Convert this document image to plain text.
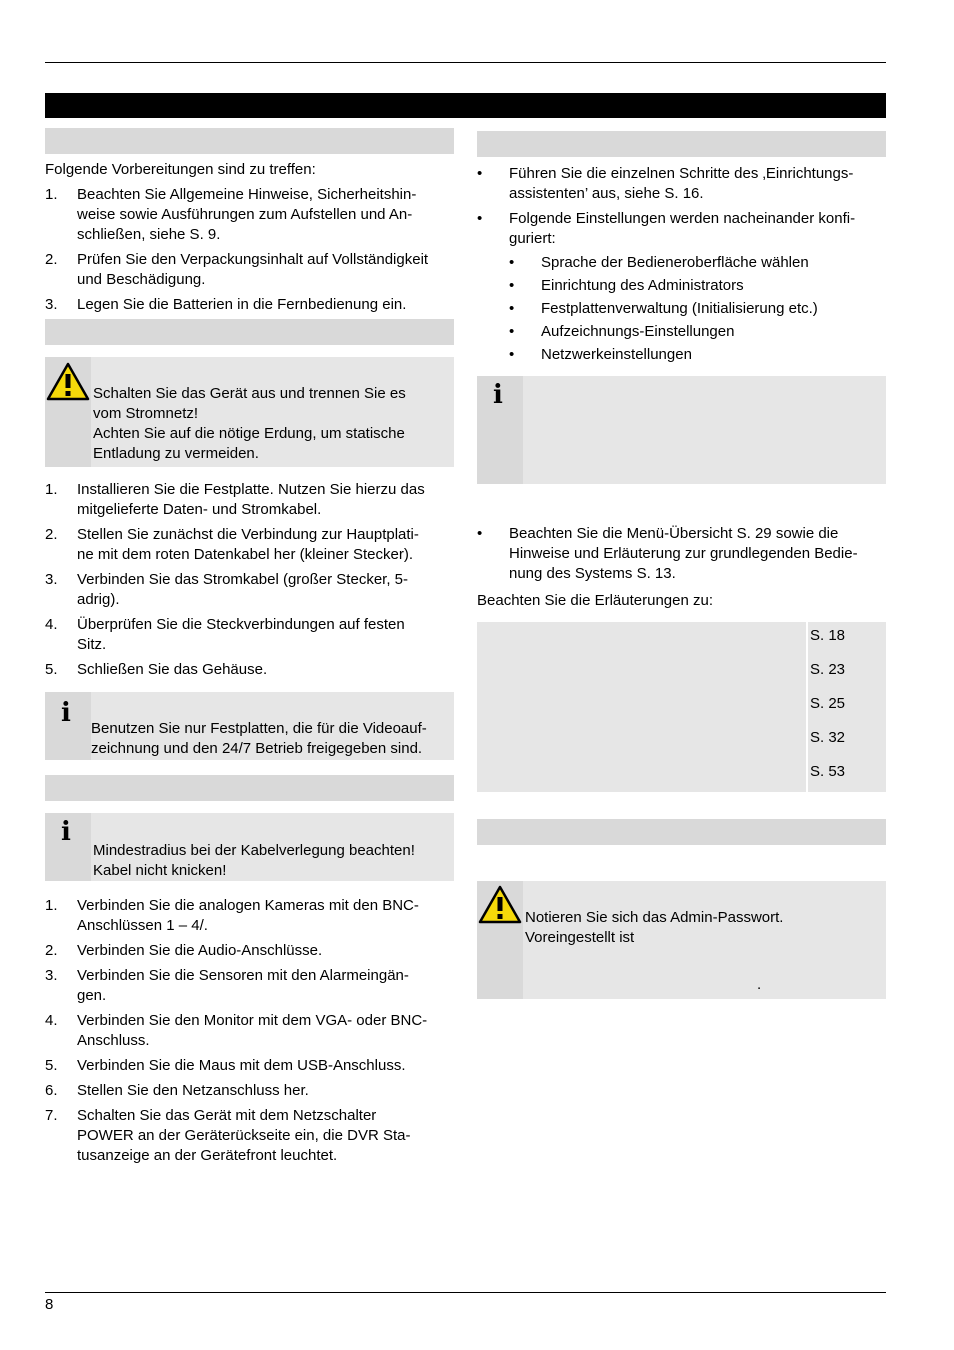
Folgende Vorbereitungen sind zu treffen:
1. Beachten Sie Allgemeine Hinweise, Sicherheitshin-
weise sowie Ausführungen zum Aufstellen und An-
schließen, siehe S. 9.
2. Prüfen Sie den Verpackungsinhalt auf Vollständigkeit
und Beschädigung.
3. Legen Sie die Batterien in die Fernbedienung ein.
Schalten Sie das Gerät aus und trennen Sie es
vom Stromnetz!
Achten Sie auf die nötige Erdung, um statische
Entladung zu vermeiden.
1. Installieren Sie die Festplatte. Nutzen Sie hierzu das
mitgelieferte Daten- und Stromkabel.
2. Stellen Sie zunächst die Verbindung zur Hauptplati-
ne mit dem roten Datenkabel her (kleiner Stecker).
3. Verbinden Sie das Stromkabel (großer Stecker, 5-
adrig).
4. Überprüfen Sie die Steckverbindungen auf festen
Sitz.
5. Schließen Sie das Gehäuse.
i
Benutzen Sie nur Festplatten, die für die Videoauf-
zeichnung und den 24/7 Betrieb freigegeben sind.
i
Mindestradius bei der Kabelverlegung beachten!
Kabel nicht knicken!
1. Verbinden Sie die analogen Kameras mit den BNC-
Anschlüssen 1 – 4/.
2. Verbinden Sie die Audio-Anschlüsse.
3. Verbinden Sie die Sensoren mit den Alarmeingän-
gen.
4. Verbinden Sie den Monitor mit dem VGA- oder BNC-
Anschluss.
5. Verbinden Sie die Maus mit dem USB-Anschluss.
6. Stellen Sie den Netzanschluss her.
7. Schalten Sie das Gerät mit dem Netzschalter
POWER an der Geräterückseite ein, die DVR Sta-
tusanzeige an der Gerätefront leuchtet.
• Führen Sie die einzelnen Schritte des ‚Einrichtungs-
assistenten’ aus, siehe S. 16.
• Folgende Einstellungen werden nacheinander konfi-
guriert:
• Sprache der Bedieneroberfläche wählen
• Einrichtung des Administrators
• Festplattenverwaltung (Initialisierung etc.)
• Aufzeichnungs-Einstellungen
• Netzwerkeinstellungen
i
• Beachten Sie die Menü-Übersicht S. 29 sowie die
Hinweise und Erläuterung zur grundlegenden Bedie-
nung des Systems S. 13.
Beachten Sie die Erläuterungen zu:
S. 18
S. 23
S. 25
S. 32
S. 53
Notieren Sie sich das Admin-Passwort.
Voreingestellt ist
.
8
